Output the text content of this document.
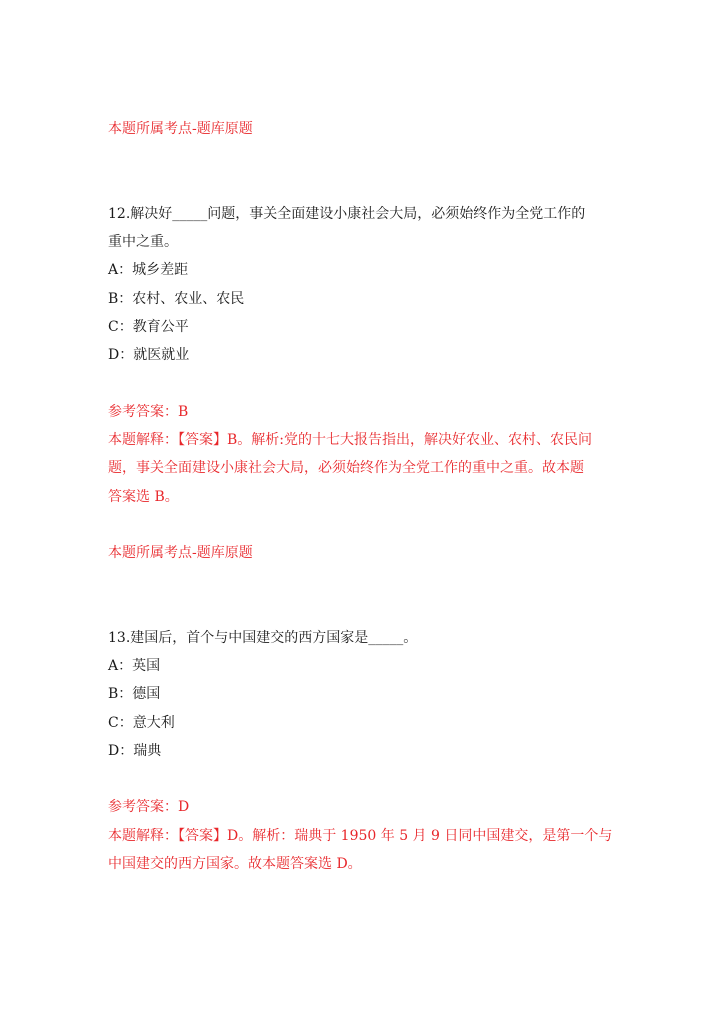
本题所属考点-题库原题
12.解决好_____问题，事关全面建设小康社会大局，必须始终作为全党工作的
重中之重。
A：城乡差距
B：农村、农业、农民
C：教育公平
D：就医就业
参考答案：B
本题解释：【答案】B。解析:党的十七大报告指出，解决好农业、农村、农民问
题，事关全面建设小康社会大局，必须始终作为全党工作的重中之重。故本题
答案选 B。
本题所属考点-题库原题
13.建国后，首个与中国建交的西方国家是_____。
A：英国
B：德国
C：意大利
D：瑞典
参考答案：D
本题解释：【答案】D。解析：瑞典于 1950 年 5 月 9 日同中国建交，是第一个与
中国建交的西方国家。故本题答案选 D。
